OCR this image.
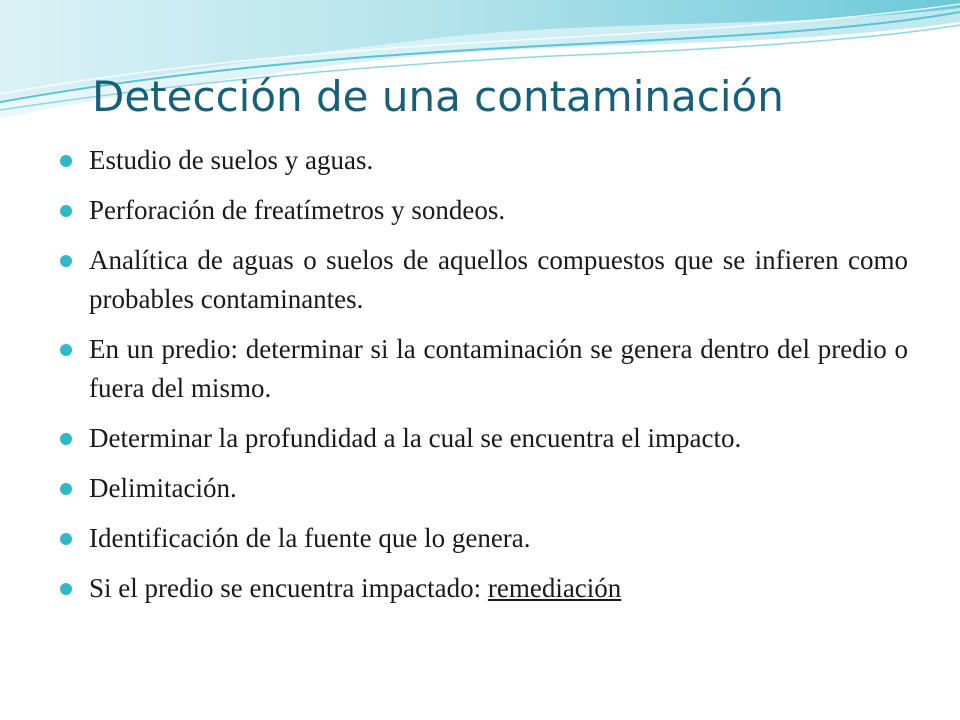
Detección de una contaminación
Estudio de suelos y aguas.
Perforación de freatímetros y sondeos.
Analítica de aguas o suelos de aquellos compuestos que se infieren como probables contaminantes.
En un predio: determinar si la contaminación se genera dentro del predio o fuera del mismo.
Determinar la profundidad a la cual se encuentra el impacto.
Delimitación.
Identificación de la fuente que lo genera.
Si el predio se encuentra impactado: remediación
